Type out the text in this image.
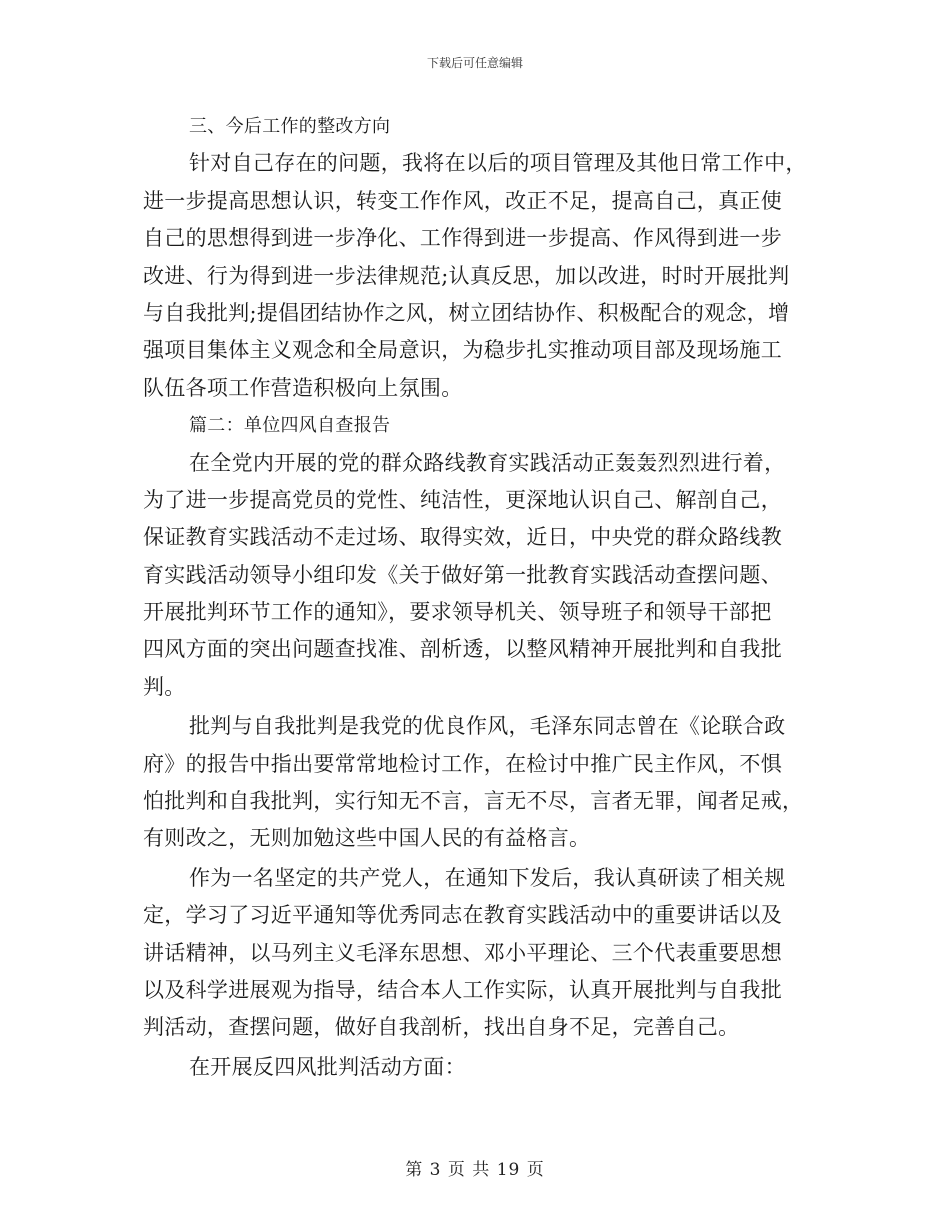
下载后可任意编辑
三、今后工作的整改方向
针对自己存在的问题，我将在以后的项目管理及其他日常工作中，
进一步提高思想认识，转变工作作风，改正不足，提高自己，真正使
自己的思想得到进一步净化、工作得到进一步提高、作风得到进一步
改进、行为得到进一步法律规范;认真反思，加以改进，时时开展批判
与自我批判;提倡团结协作之风，树立团结协作、积极配合的观念，增
强项目集体主义观念和全局意识，为稳步扎实推动项目部及现场施工
队伍各项工作营造积极向上氛围。
篇二：单位四风自查报告
在全党内开展的党的群众路线教育实践活动正轰轰烈烈进行着，
为了进一步提高党员的党性、纯洁性，更深地认识自己、解剖自己，
保证教育实践活动不走过场、取得实效，近日，中央党的群众路线教
育实践活动领导小组印发《关于做好第一批教育实践活动查摆问题、
开展批判环节工作的通知》，要求领导机关、领导班子和领导干部把
四风方面的突出问题查找准、剖析透，以整风精神开展批判和自我批
判。
批判与自我批判是我党的优良作风，毛泽东同志曾在《论联合政
府》的报告中指出要常常地检讨工作，在检讨中推广民主作风，不惧
怕批判和自我批判，实行知无不言，言无不尽，言者无罪，闻者足戒，
有则改之，无则加勉这些中国人民的有益格言。
作为一名坚定的共产党人，在通知下发后，我认真研读了相关规
定，学习了习近平通知等优秀同志在教育实践活动中的重要讲话以及
讲话精神，以马列主义毛泽东思想、邓小平理论、三个代表重要思想
以及科学进展观为指导，结合本人工作实际，认真开展批判与自我批
判活动，查摆问题，做好自我剖析，找出自身不足，完善自己。
在开展反四风批判活动方面：
第 3 页 共 19 页
